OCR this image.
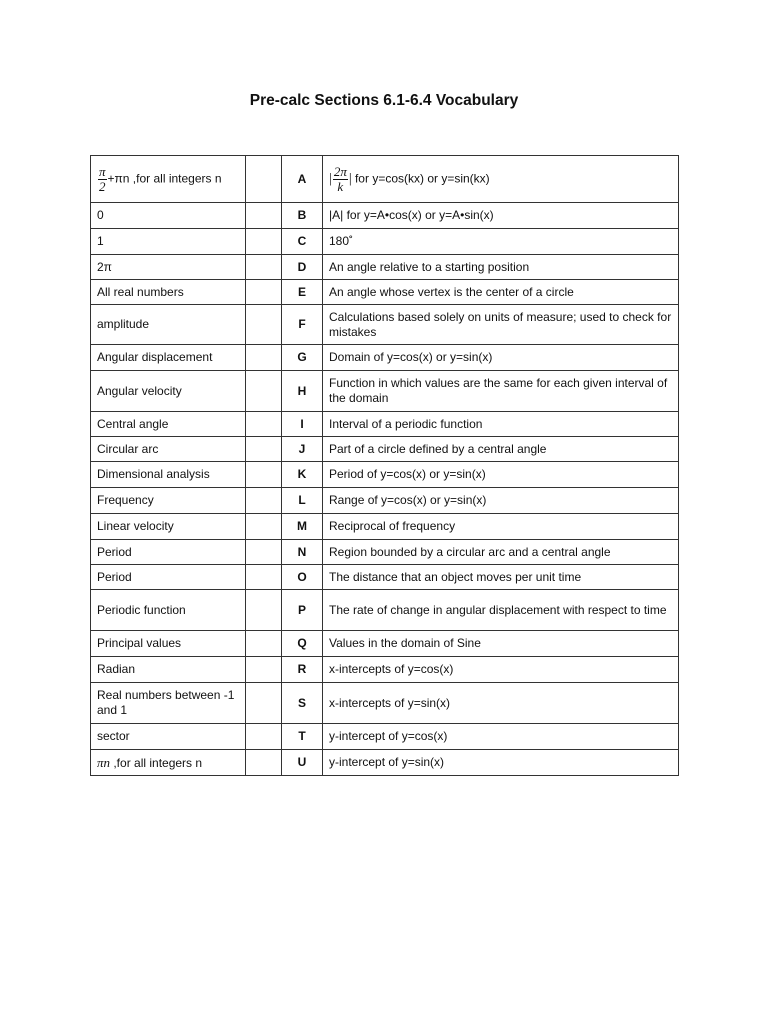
Pre-calc Sections 6.1-6.4 Vocabulary
$\frac{\pi}{2} +\pi n$ ,for all integers n		A	| $\frac{2\pi}{k}$ | for y=cos(kx) or y=sin(kx)
0		B	|A| for y=A•cos(x) or y=A•sin(x)
1		C	180˚
2π		D	An angle relative to a starting position
All real numbers		E	An angle whose vertex is the center of a circle
amplitude		F	Calculations based solely on units of measure; used to check for mistakes
Angular displacement		G	Domain of y=cos(x) or y=sin(x)
Angular velocity		H	Function in which values are the same for each given interval of the domain
Central angle		I	Interval of a periodic function
Circular arc		J	Part of a circle defined by a central angle
Dimensional analysis		K	Period of y=cos(x) or y=sin(x)
Frequency		L	Range of y=cos(x) or y=sin(x)
Linear velocity		M	Reciprocal of frequency
Period		N	Region bounded by a circular arc and a central angle
Period		O	The distance that an object moves per unit time
Periodic function		P	The rate of change in angular displacement with respect to time
Principal values		Q	Values in the domain of Sine
Radian		R	x-intercepts of y=cos(x)
Real numbers between -1 and 1		S	x-intercepts of y=sin(x)
sector		T	y-intercept of y=cos(x)
πn ,for all integers n		U	y-intercept of y=sin(x)
